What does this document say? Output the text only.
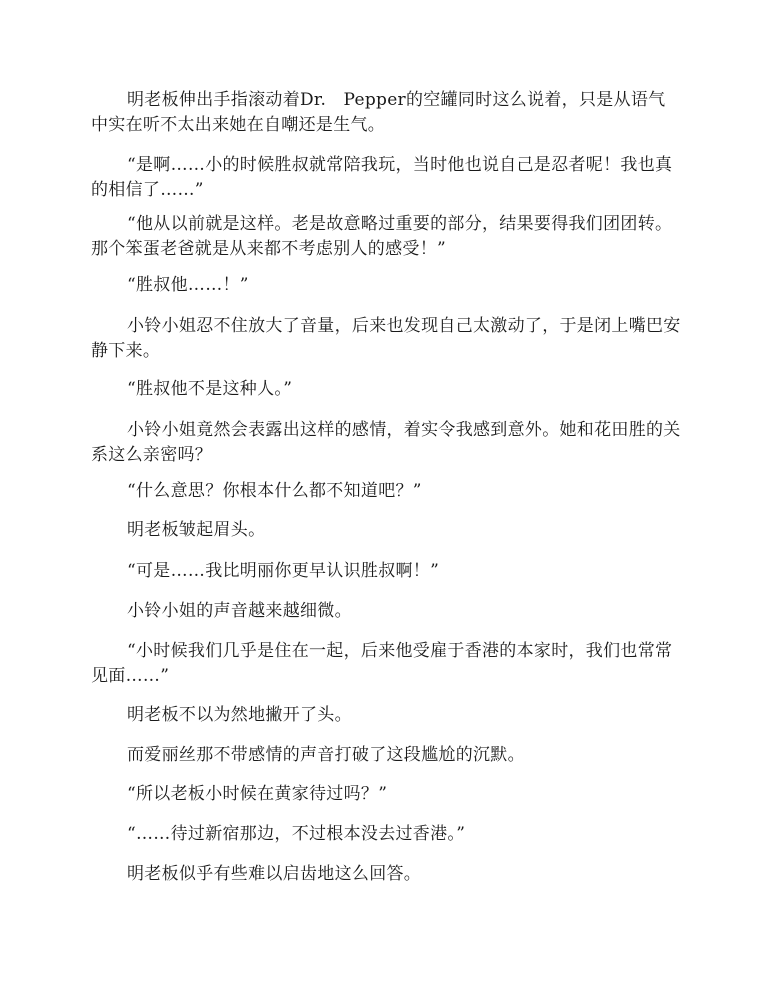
明老板伸出手指滚动着Dr.　Pepper的空罐同时这么说着，只是从语气中实在听不太出来她在自嘲还是生气。

“是啊……小的时候胜叔就常陪我玩，当时他也说自己是忍者呢！我也真的相信了……”

“他从以前就是这样。老是故意略过重要的部分，结果要得我们团团转。那个笨蛋老爸就是从来都不考虑别人的感受！”

“胜叔他……！”

小铃小姐忍不住放大了音量，后来也发现自己太激动了，于是闭上嘴巴安静下来。

“胜叔他不是这种人。”

小铃小姐竟然会表露出这样的感情，着实令我感到意外。她和花田胜的关系这么亲密吗？

“什么意思？你根本什么都不知道吧？”

明老板皱起眉头。

“可是……我比明丽你更早认识胜叔啊！”

小铃小姐的声音越来越细微。

“小时候我们几乎是住在一起，后来他受雇于香港的本家时，我们也常常见面……”

明老板不以为然地撇开了头。

而爱丽丝那不带感情的声音打破了这段尴尬的沉默。

“所以老板小时候在黄家待过吗？”

“……待过新宿那边，不过根本没去过香港。”

明老板似乎有些难以启齿地这么回答。
